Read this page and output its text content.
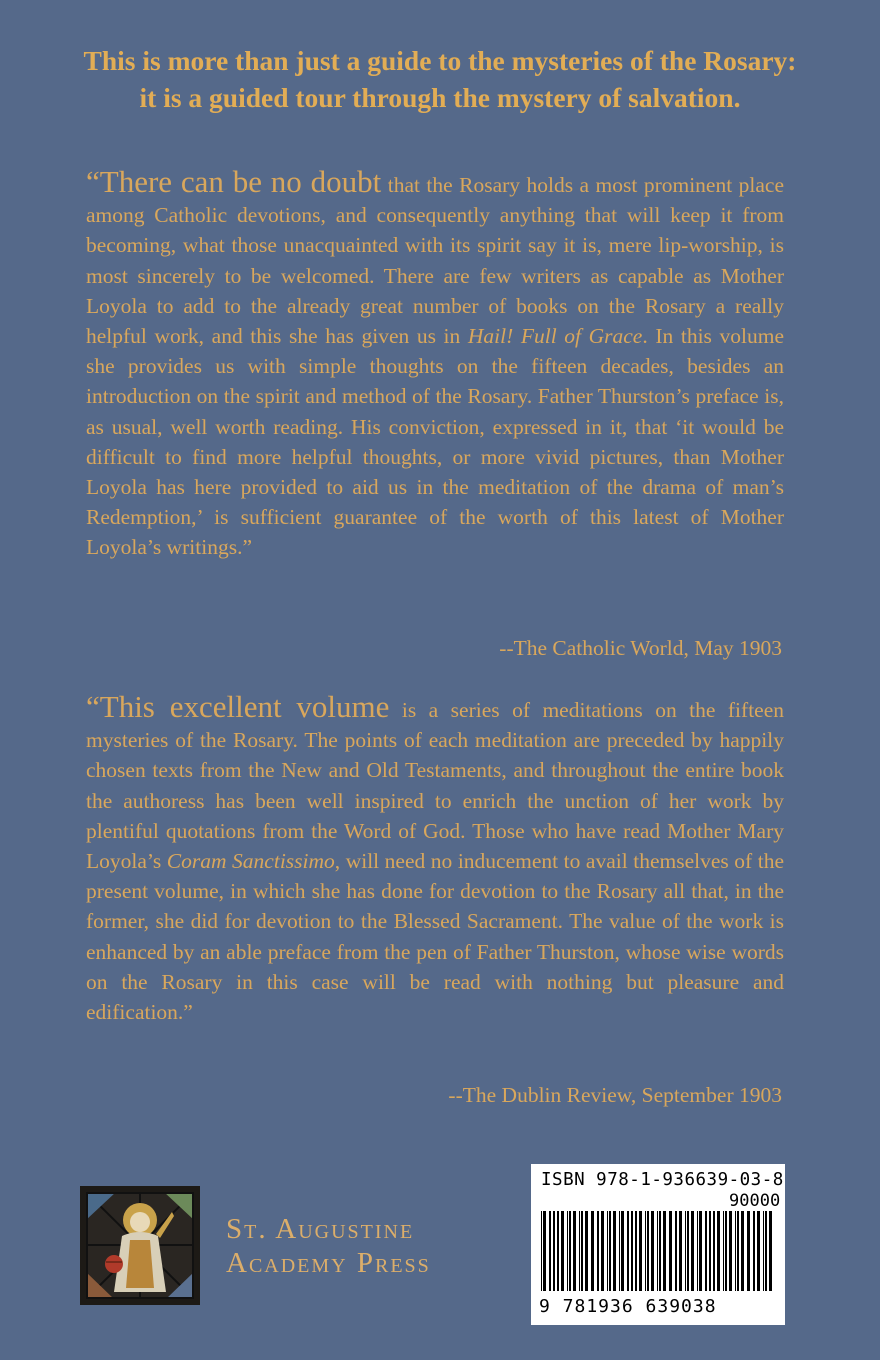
This is more than just a guide to the mysteries of the Rosary:
it is a guided tour through the mystery of salvation.
“There can be no doubt that the Rosary holds a most prominent place among Catholic devotions, and consequently anything that will keep it from becoming, what those unacquainted with its spirit say it is, mere lip-worship, is most sincerely to be welcomed. There are few writers as capable as Mother Loyola to add to the already great number of books on the Rosary a really helpful work, and this she has given us in Hail! Full of Grace. In this volume she provides us with simple thoughts on the fifteen decades, besides an introduction on the spirit and method of the Rosary. Father Thurston’s preface is, as usual, well worth reading. His conviction, expressed in it, that ‘it would be difficult to find more helpful thoughts, or more vivid pictures, than Mother Loyola has here provided to aid us in the meditation of the drama of man’s Redemption,’ is sufficient guarantee of the worth of this latest of Mother Loyola’s writings.”
--The Catholic World, May 1903
“This excellent volume is a series of meditations on the fifteen mysteries of the Rosary. The points of each meditation are preceded by happily chosen texts from the New and Old Testaments, and throughout the entire book the authoress has been well inspired to enrich the unction of her work by plentiful quotations from the Word of God. Those who have read Mother Mary Loyola’s Coram Sanctissimo, will need no inducement to avail themselves of the present volume, in which she has done for devotion to the Rosary all that, in the former, she did for devotion to the Blessed Sacrament. The value of the work is enhanced by an able preface from the pen of Father Thurston, whose wise words on the Rosary in this case will be read with nothing but pleasure and edification.”
--The Dublin Review, September 1903
St. Augustine
Academy Press
ISBN 978-1-936639-03-8
90000
9 781936 639038
